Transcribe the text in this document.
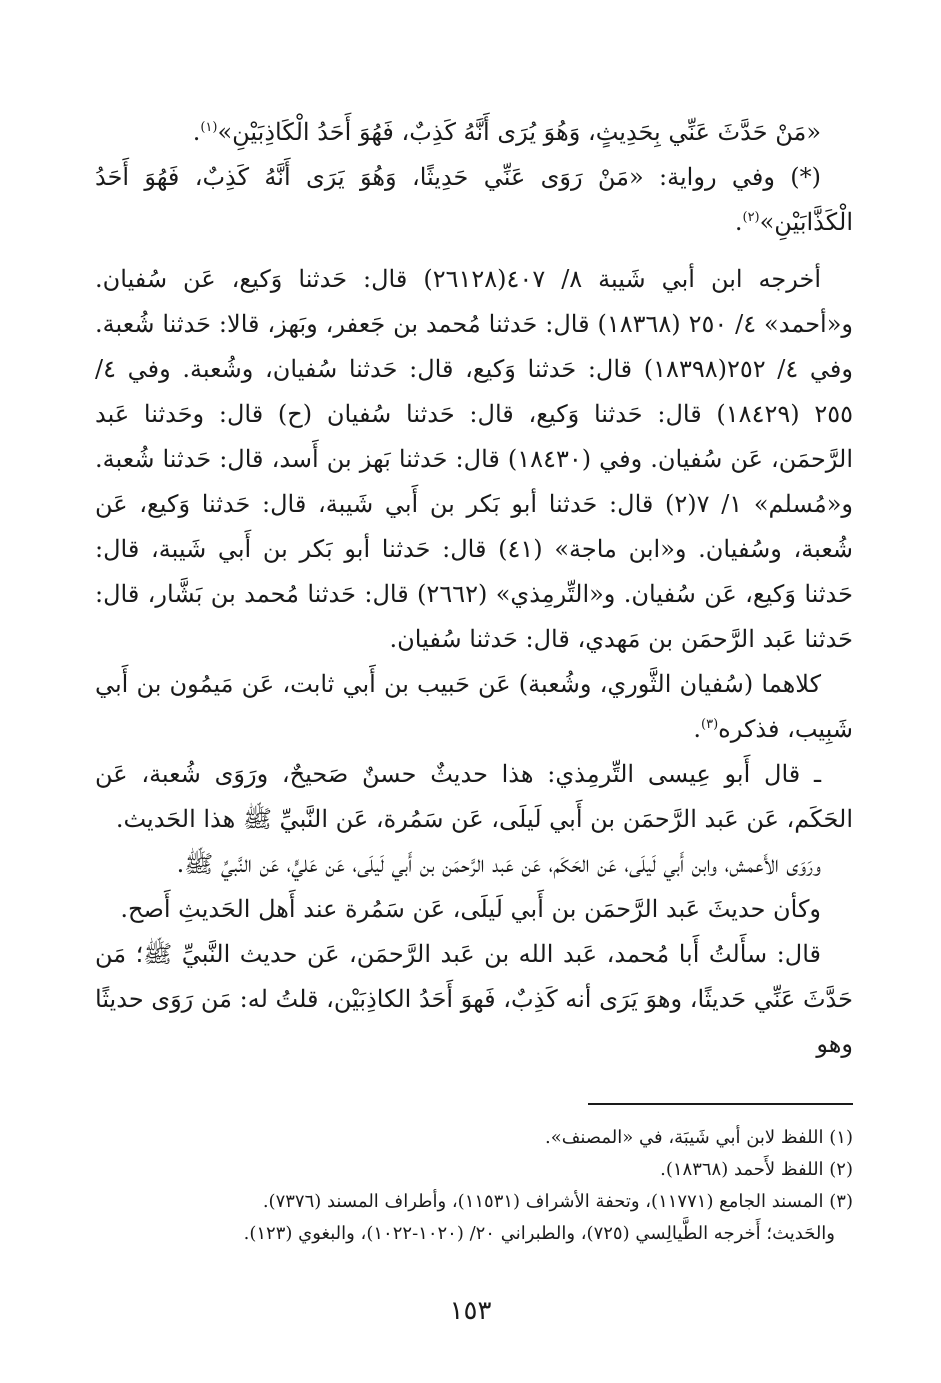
«مَنْ حَدَّثَ عَنِّي بِحَدِيثٍ، وَهُوَ يُرَى أَنَّهُ كَذِبٌ، فَهُوَ أَحَدُ الْكَاذِبَيْنِ»$^{(١)}$.

(*) وفي رواية: «مَنْ رَوَى عَنِّي حَدِيثًا، وَهُوَ يَرَى أَنَّهُ كَذِبٌ، فَهُوَ أَحَدُ الْكَذَّابَيْنِ»$^{(٢)}$.

أخرجه ابن أبي شَيبة ٨/ ٤٠٧(٢٦١٢٨) قال: حَدثنا وَكيع، عَن سُفيان. و«أحمد» ٤/ ٢٥٠ (١٨٣٦٨) قال: حَدثنا مُحمد بن جَعفر، وبَهز، قالا: حَدثنا شُعبة. وفي ٤/ ٢٥٢(١٨٣٩٨) قال: حَدثنا وَكيع، قال: حَدثنا سُفيان، وشُعبة. وفي ٤/ ٢٥٥ (١٨٤٢٩) قال: حَدثنا وَكيع، قال: حَدثنا سُفيان (ح) قال: وحَدثنا عَبد الرَّحمَن، عَن سُفيان. وفي (١٨٤٣٠) قال: حَدثنا بَهز بن أَسد، قال: حَدثنا شُعبة. و«مُسلم» ١/ ٧(٢) قال: حَدثنا أبو بَكر بن أَبي شَيبة، قال: حَدثنا وَكيع، عَن شُعبة، وسُفيان. و«ابن ماجة» (٤١) قال: حَدثنا أبو بَكر بن أَبي شَيبة، قال: حَدثنا وَكيع، عَن سُفيان. و«التِّرمِذي» (٢٦٦٢) قال: حَدثنا مُحمد بن بَشَّار، قال: حَدثنا عَبد الرَّحمَن بن مَهدي، قال: حَدثنا سُفيان.

كلاهما (سُفيان الثَّوري، وشُعبة) عَن حَبيب بن أَبي ثابت، عَن مَيمُون بن أَبي شَبِيب، فذكره$^{(٣)}$.

ـ قال أَبو عِيسى التِّرمِذي: هذا حديثٌ حسنٌ صَحيحٌ، ورَوَى شُعبة، عَن الحَكَم، عَن عَبد الرَّحمَن بن أَبي لَيلَى، عَن سَمُرة، عَن النَّبيِّ ﷺ هذا الحَديث.

ورَوَى الأَعمش، وابن أَبي لَيلَى، عَن الحَكَم، عَن عَبد الرَّحمَن بن أَبي لَيلَى، عَن عَليٍّ، عَن النَّبيِّ ﷺ.

وكأن حديثَ عَبد الرَّحمَن بن أَبي لَيلَى، عَن سَمُرة عند أَهل الحَديثِ أَصح.

قال: سأَلتُ أَبا مُحمد، عَبد الله بن عَبد الرَّحمَن، عَن حديث النَّبيِّ ﷺ؛ مَن حَدَّثَ عَنِّي حَديثًا، وهوَ يَرَى أنه كَذِبٌ، فَهوَ أَحَدُ الكاذِبَيْن، قلتُ له: مَن رَوَى حديثًا وهو

(١) اللفظ لابن أبي شَيبَة، في «المصنف».

(٢) اللفظ لأَحمد (١٨٣٦٨).

(٣) المسند الجامع (١١٧٧١)، وتحفة الأشراف (١١٥٣١)، وأطراف المسند (٧٣٧٦).

والحَديث؛ أَخرجه الطَّيالِسي (٧٢٥)، والطبراني ٢٠/ (١٠٢٠-١٠٢٢)، والبغوي (١٢٣).

١٥٣
